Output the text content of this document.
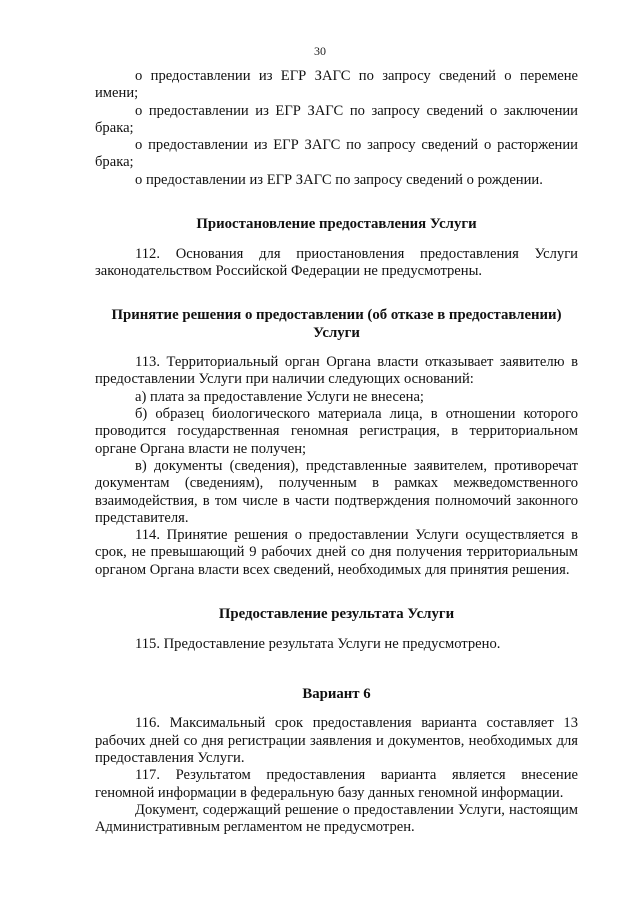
30

о предоставлении из ЕГР ЗАГС по запросу сведений о перемене имени;

о предоставлении из ЕГР ЗАГС по запросу сведений о заключении брака;

о предоставлении из ЕГР ЗАГС по запросу сведений о расторжении брака;

о предоставлении из ЕГР ЗАГС по запросу сведений о рождении.

Приостановление предоставления Услуги

112. Основания для приостановления предоставления Услуги законодательством Российской Федерации не предусмотрены.

Принятие решения о предоставлении (об отказе в предоставлении) Услуги

113. Территориальный орган Органа власти отказывает заявителю в предоставлении Услуги при наличии следующих оснований:

а) плата за предоставление Услуги не внесена;

б) образец биологического материала лица, в отношении которого проводится государственная геномная регистрация, в территориальном органе Органа власти не получен;

в) документы (сведения), представленные заявителем, противоречат документам (сведениям), полученным в рамках межведомственного взаимодействия, в том числе в части подтверждения полномочий законного представителя.

114. Принятие решения о предоставлении Услуги осуществляется в срок, не превышающий 9 рабочих дней со дня получения территориальным органом Органа власти всех сведений, необходимых для принятия решения.

Предоставление результата Услуги

115. Предоставление результата Услуги не предусмотрено.

Вариант 6

116. Максимальный срок предоставления варианта составляет 13 рабочих дней со дня регистрации заявления и документов, необходимых для предоставления Услуги.

117. Результатом предоставления варианта является внесение геномной информации в федеральную базу данных геномной информации.

Документ, содержащий решение о предоставлении Услуги, настоящим Административным регламентом не предусмотрен.
